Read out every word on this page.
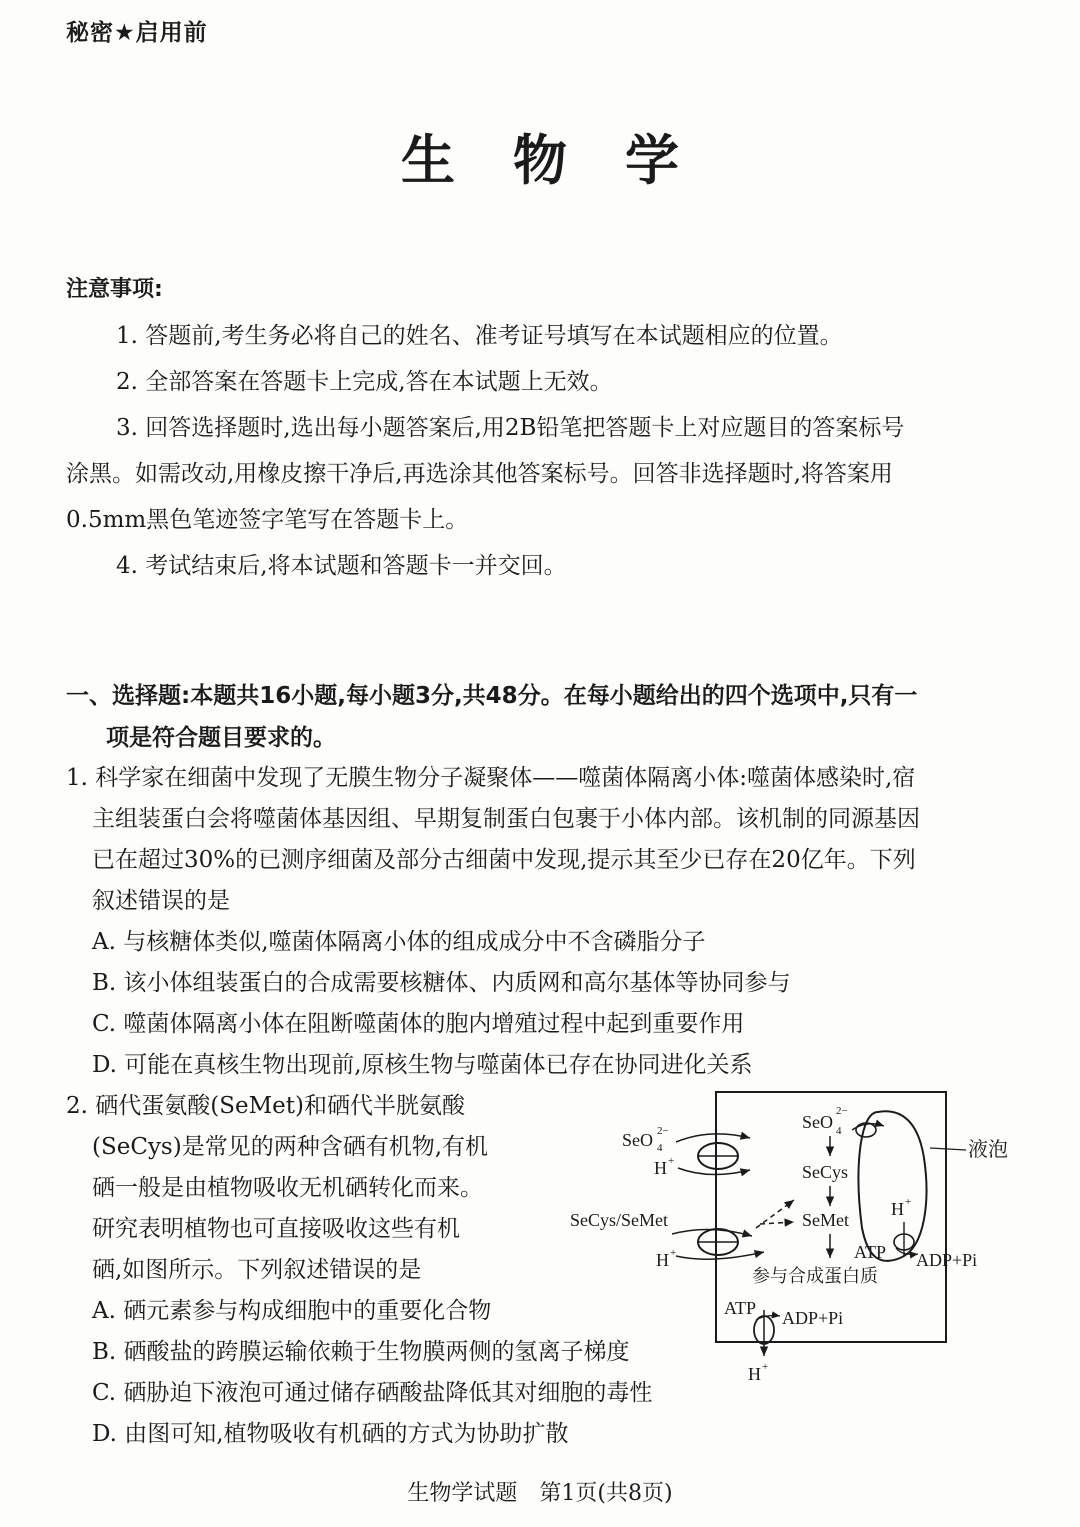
秘密★启用前
生物学
注意事项:
1. 答题前,考生务必将自己的姓名、准考证号填写在本试题相应的位置。
2. 全部答案在答题卡上完成,答在本试题上无效。
3. 回答选择题时,选出每小题答案后,用2B铅笔把答题卡上对应题目的答案标号
涂黑。如需改动,用橡皮擦干净后,再选涂其他答案标号。回答非选择题时,将答案用
0.5mm黑色笔迹签字笔写在答题卡上。
4. 考试结束后,将本试题和答题卡一并交回。
一、选择题:本题共16小题,每小题3分,共48分。在每小题给出的四个选项中,只有一
项是符合题目要求的。
1. 科学家在细菌中发现了无膜生物分子凝聚体——噬菌体隔离小体:噬菌体感染时,宿
主组装蛋白会将噬菌体基因组、早期复制蛋白包裹于小体内部。该机制的同源基因
已在超过30%的已测序细菌及部分古细菌中发现,提示其至少已存在20亿年。下列
叙述错误的是
A. 与核糖体类似,噬菌体隔离小体的组成成分中不含磷脂分子
B. 该小体组装蛋白的合成需要核糖体、内质网和高尔基体等协同参与
C. 噬菌体隔离小体在阻断噬菌体的胞内增殖过程中起到重要作用
D. 可能在真核生物出现前,原核生物与噬菌体已存在协同进化关系
2. 硒代蛋氨酸(SeMet)和硒代半胱氨酸
(SeCys)是常见的两种含硒有机物,有机
硒一般是由植物吸收无机硒转化而来。
研究表明植物也可直接吸收这些有机
硒,如图所示。下列叙述错误的是
A. 硒元素参与构成细胞中的重要化合物
B. 硒酸盐的跨膜运输依赖于生物膜两侧的氢离子梯度
C. 硒胁迫下液泡可通过储存硒酸盐降低其对细胞的毒性
D. 由图可知,植物吸收有机硒的方式为协助扩散
SeO 4
2−
H +
SeCys/SeMet
H +
SeO 4
2−
SeCys
SeMet
参与合成蛋白质
H +
ATP ADP+Pi
液泡
ATP ADP+Pi
H +
生物学试题　第1页(共8页)
